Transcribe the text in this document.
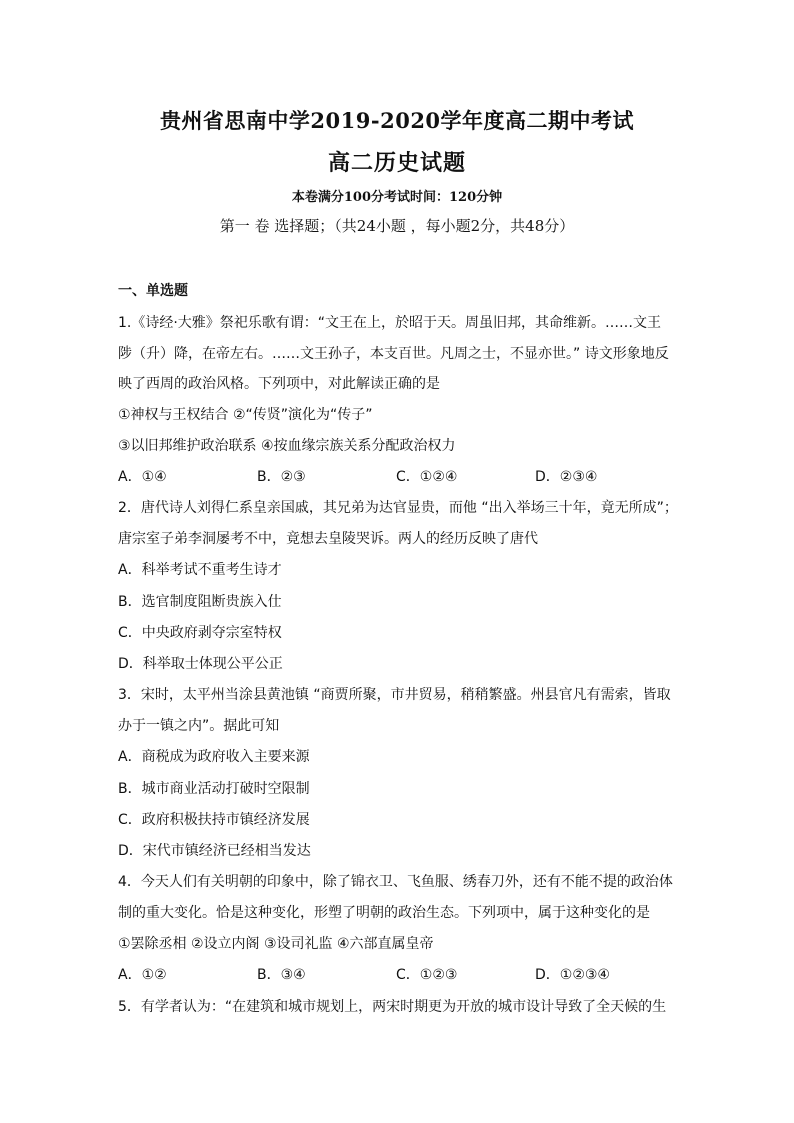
贵州省思南中学2019-2020学年度高二期中考试
高二历史试题
本卷满分100分考试时间：120分钟
第一 卷 选择题；（共24小题 ，每小题2分，共48分）
一、单选题
1.《诗经·大雅》祭祀乐歌有谓：“文王在上，於昭于天。周虽旧邦，其命维新。……文王
陟（升）降，在帝左右。……文王孙子，本支百世。凡周之士，不显亦世。” 诗文形象地反
映了西周的政治风格。下列项中，对此解读正确的是
①神权与王权结合 ②“传贤”演化为“传子”
③以旧邦维护政治联系 ④按血缘宗族关系分配政治权力
A．①④	B．②③	C．①②④	D．②③④
2．唐代诗人刘得仁系皇亲国戚，其兄弟为达官显贵，而他 “出入举场三十年，竟无所成”；
唐宗室子弟李洞屡考不中，竟想去皇陵哭诉。两人的经历反映了唐代
A．科举考试不重考生诗才
B．选官制度阻断贵族入仕
C．中央政府剥夺宗室特权
D．科举取士体现公平公正
3．宋时，太平州当涂县黄池镇 “商贾所聚，市井贸易，稍稍繁盛。州县官凡有需索，皆取
办于一镇之内”。据此可知
A．商税成为政府收入主要来源
B．城市商业活动打破时空限制
C．政府积极扶持市镇经济发展
D．宋代市镇经济已经相当发达
4．今天人们有关明朝的印象中，除了锦衣卫、飞鱼服、绣春刀外，还有不能不提的政治体
制的重大变化。恰是这种变化，形塑了明朝的政治生态。下列项中，属于这种变化的是
①罢除丞相 ②设立内阁 ③设司礼监 ④六部直属皇帝
A．①②	B．③④	C．①②③	D．①②③④
5．有学者认为：“在建筑和城市规划上，两宋时期更为开放的城市设计导致了全天候的生
